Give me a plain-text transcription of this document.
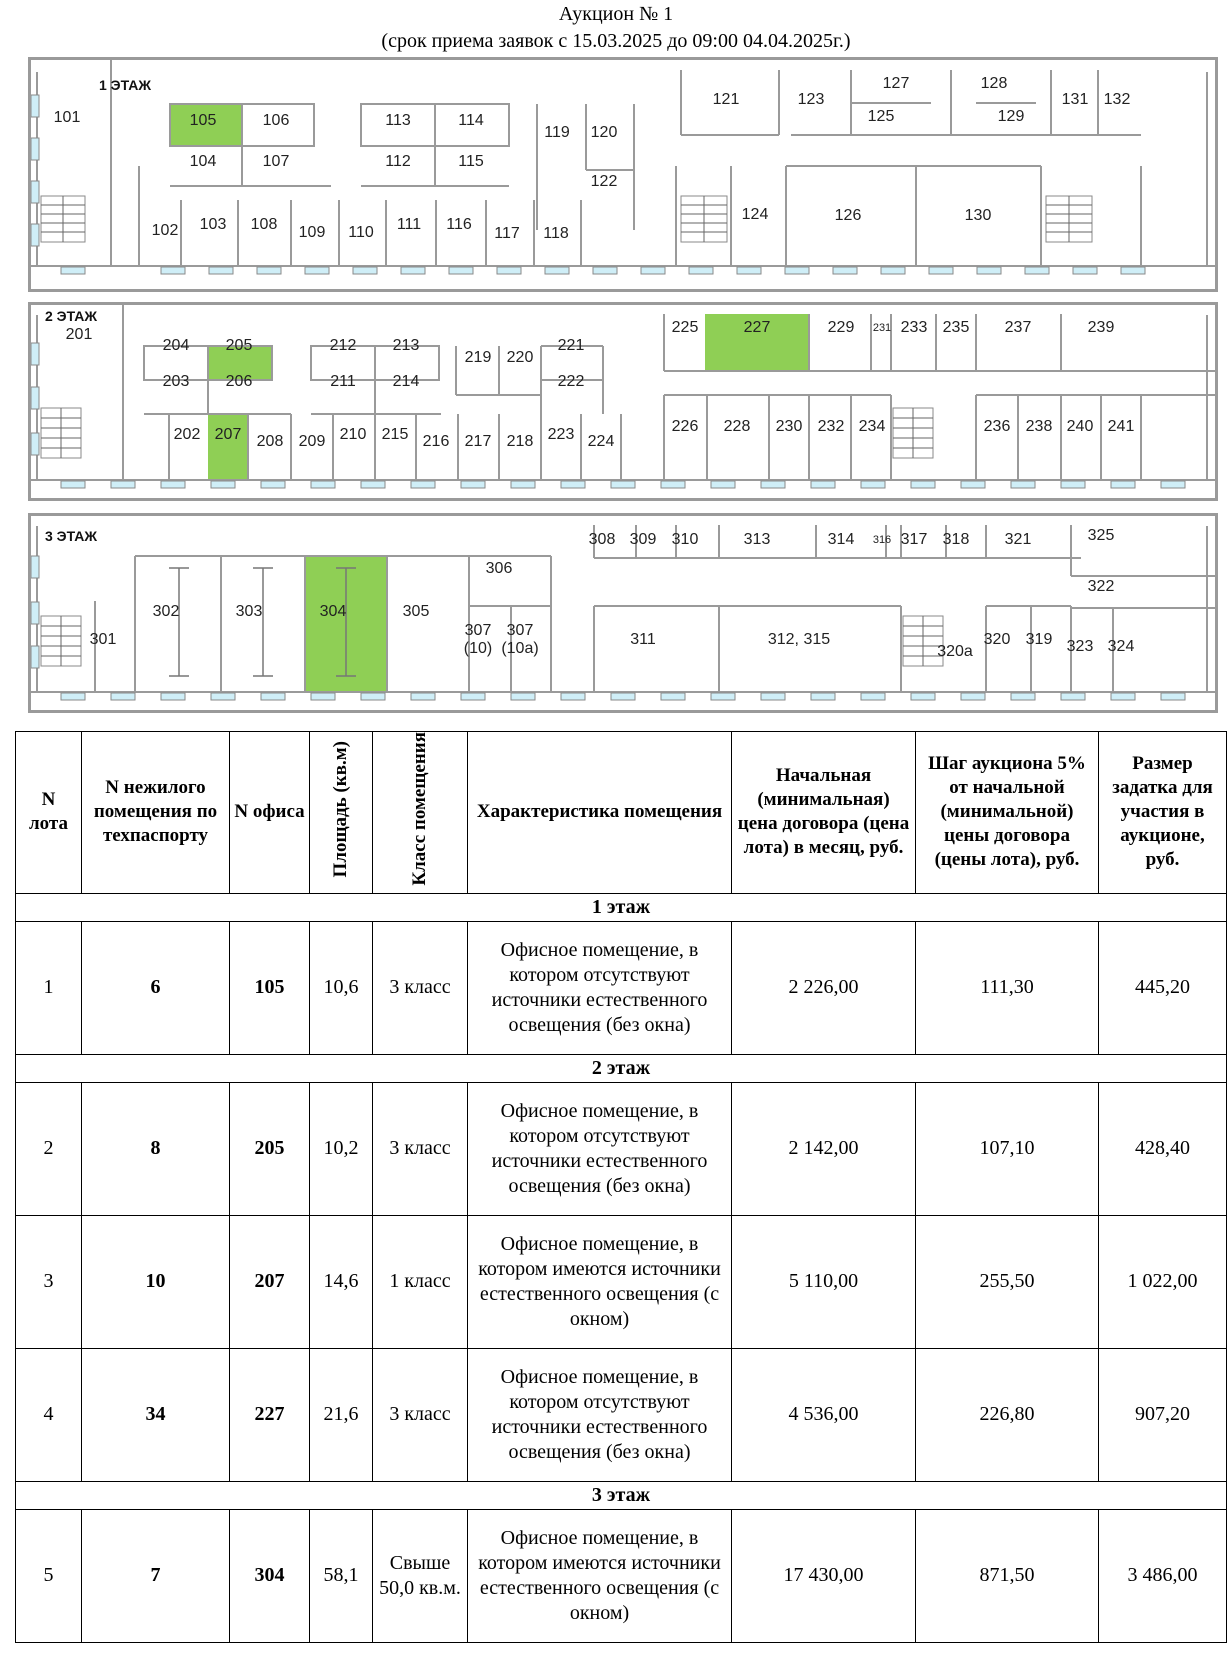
Аукцион № 1
(срок приема заявок с 15.03.2025 до 09:00 04.04.2025г.)
1 ЭТАЖ
101	105	106
104	107
113	114
112	115
119 120
122
121	123
127
125
128
129
131 132
102 103 108 109 110 111 116
117 118
124	126	130
2 ЭТАЖ
201
204 205
203 206
212 213
211 214
219 220
221
222
225	227	229 231 233 235 237	239
202 207 208 209 210 215 216 217 218 223 224
226 228 230 232 234	236 238 240 241
3 ЭТАЖ	308 309 310	313	314 316 317 318 321	325
306
322
302	303	304	305
301
307 (10)
307 (10а)
311	312, 315
320а
320 319 323 324
N лота	N нежилого помещения по техпаспорту	N офиса	Площадь (кв.м)	Класс помещения	Характеристика помещения	Начальная (минимальная) цена договора (цена лота) в месяц, руб.	Шаг аукциона 5% от начальной (минимальной) цены договора (цены лота), руб.	Размер задатка для участия в аукционе, руб.
1 этаж								
1	6	105	10,6	3 класс	Офисное помещение, в котором отсутствуют источники естественного освещения (без окна)	2 226,00	111,30	445,20
2 этаж								
2	8	205	10,2	3 класс	Офисное помещение, в котором отсутствуют источники естественного освещения (без окна)	2 142,00	107,10	428,40
3	10	207	14,6	1 класс	Офисное помещение, в котором имеются источники естественного освещения (с окном)	5 110,00	255,50	1 022,00
4	34	227	21,6	3 класс	Офисное помещение, в котором отсутствуют источники естественного освещения (без окна)	4 536,00	226,80	907,20
3 этаж								
5	7	304	58,1	Свыше 50,0 кв.м.	Офисное помещение, в котором имеются источники естественного освещения (с окном)	17 430,00	871,50	3 486,00
